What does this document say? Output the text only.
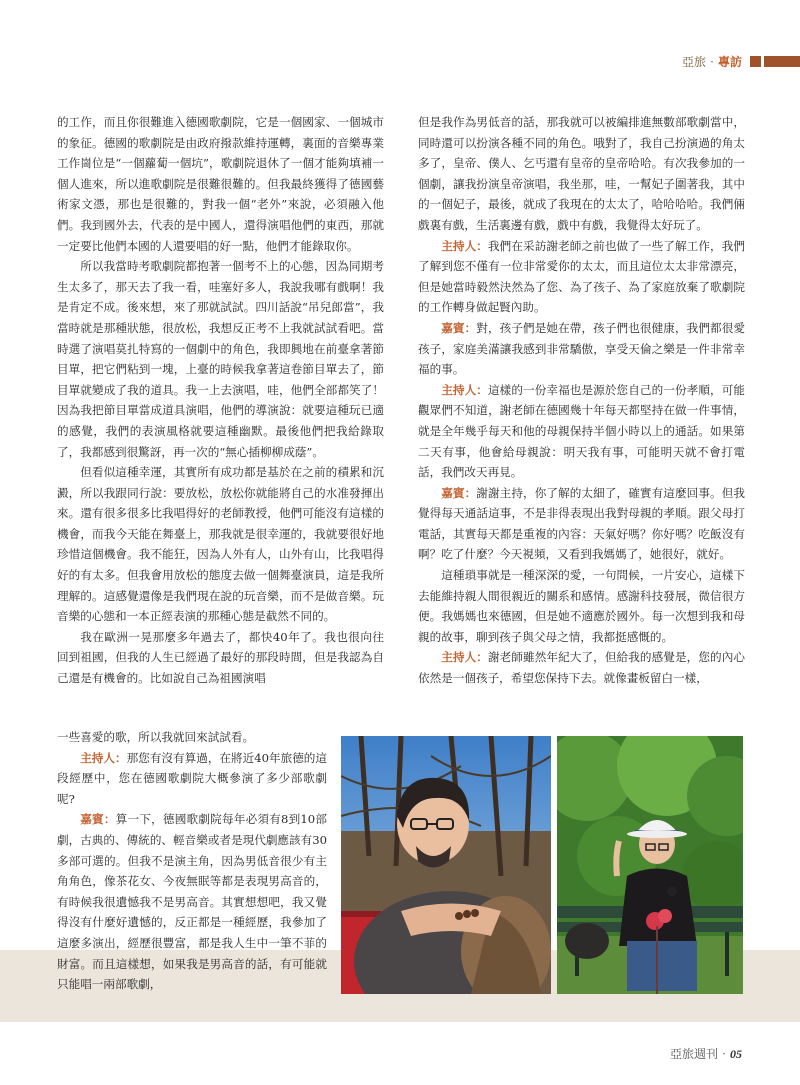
亞旅‧專訪

的工作，而且你很難進入德國歌劇院，它是一個國家、一個城市的象征。德國的歌劇院是由政府撥款維持運轉，裏面的音樂專業工作崗位是“一個蘿蔔一個坑”，歌劇院退休了一個才能夠填補一個人進來，所以進歌劇院是很難很難的。但我最終獲得了德國藝術家文憑，那也是很難的，對我一個“老外”來說，必須融入他們。我到國外去，代表的是中國人，還得演唱他們的東西，那就一定要比他們本國的人還要唱的好一點，他們才能錄取你。

所以我當時考歌劇院都抱著一個考不上的心態，因為同期考生太多了，那天去了我一看，哇塞好多人，我說我哪有戲啊！我是肯定不成。後來想，來了那就試試。四川話說“吊兒郎當”，我當時就是那種狀態，很放松，我想反正考不上我就試試看吧。當時選了演唱莫扎特寫的一個劇中的角色，我即興地在前臺拿著節目單，把它們粘到一塊，上臺的時候我拿著這卷節目單去了，節目單就變成了我的道具。我一上去演唱，哇，他們全部都笑了！因為我把節目單當成道具演唱，他們的導演說：就要這種玩已適的感覺，我們的表演風格就要這種幽默。最後他們把我給錄取了，我都感到很驚訝，再一次的“無心插柳柳成蔭”。

但看似這種幸運，其實所有成功都是基於在之前的積累和沉澱，所以我跟同行說：要放松，放松你就能將自己的水准發揮出來。還有很多很多比我唱得好的老師教授，他們可能沒有這樣的機會，而我今天能在舞臺上，那我就是很幸運的，我就要很好地珍惜這個機會。我不能狂，因為人外有人，山外有山，比我唱得好的有太多。但我會用放松的態度去做一個舞臺演員，這是我所理解的。這感覺還像是我們現在說的玩音樂，而不是做音樂。玩音樂的心態和一本正經表演的那種心態是截然不同的。

我在歐洲一晃那麼多年過去了，都快40年了。我也很向往回到祖國，但我的人生已經過了最好的那段時間，但是我認為自己還是有機會的。比如說自己為祖國演唱

一些喜愛的歌，所以我就回來試試看。

主持人：那您有沒有算過，在將近40年旅德的這段經歷中，您在德國歌劇院大概參演了多少部歌劇呢?

嘉賓：算一下，德國歌劇院每年必須有8到10部劇，古典的、傳統的、輕音樂或者是現代劇應該有30多部可選的。但我不是演主角，因為男低音很少有主角角色，像茶花女、今夜無眠等都是表現男高音的，有時候我很遺憾我不是男高音。其實想想吧，我又覺得沒有什麼好遺憾的，反正都是一種經歷，我參加了這麼多演出，經歷很豐富，都是我人生中一筆不菲的財富。而且這樣想，如果我是男高音的話，有可能就只能唱一兩部歌劇，

但是我作為男低音的話，那我就可以被編排進無數部歌劇當中，同時還可以扮演各種不同的角色。哦對了，我自己扮演過的角太多了，皇帝、僕人、乞丐還有皇帝的皇帝哈哈。有次我參加的一個劇，讓我扮演皇帝演唱，我坐那，哇，一幫妃子圍著我，其中的一個妃子，最後，就成了我現在的太太了，哈哈哈哈。我們倆戲裏有戲，生活裏邊有戲，戲中有戲，我覺得太好玩了。

主持人：我們在采訪謝老師之前也做了一些了解工作，我們了解到您不僅有一位非常愛你的太太，而且這位太太非常漂亮，但是她當時毅然決然為了您、為了孩子、為了家庭放棄了歌劇院的工作轉身做起賢內助。

嘉賓：對，孩子們是她在帶，孩子們也很健康，我們都很愛孩子，家庭美滿讓我感到非常驕傲，享受天倫之樂是一件非常幸福的事。

主持人：這樣的一份幸福也是源於您自己的一份孝順，可能觀眾們不知道，謝老師在德國幾十年每天都堅持在做一件事情，就是全年幾乎每天和他的母親保持半個小時以上的通話。如果第二天有事，他會給母親說：明天我有事，可能明天就不會打電話，我們改天再見。

嘉賓：謝謝主持，你了解的太細了，確實有這麼回事。但我覺得每天通話這事，不是非得表現出我對母親的孝順。跟父母打電話，其實每天都是重複的內容：天氣好嗎？你好嗎？吃飯沒有啊？吃了什麼？今天視頻，又看到我媽媽了，她很好，就好。

這種瑣事就是一種深深的愛，一句問候，一片安心，這樣下去能維持親人間很親近的關系和感情。感謝科技發展，微信很方便。我媽媽也來德國，但是她不適應於國外。每一次想到我和母親的故事，聊到孩子與父母之情，我都挺感慨的。

主持人：謝老師雖然年紀大了，但給我的感覺是，您的內心依然是一個孩子，希望您保持下去。就像畫板留白一樣，

亞旅週刊‧05
